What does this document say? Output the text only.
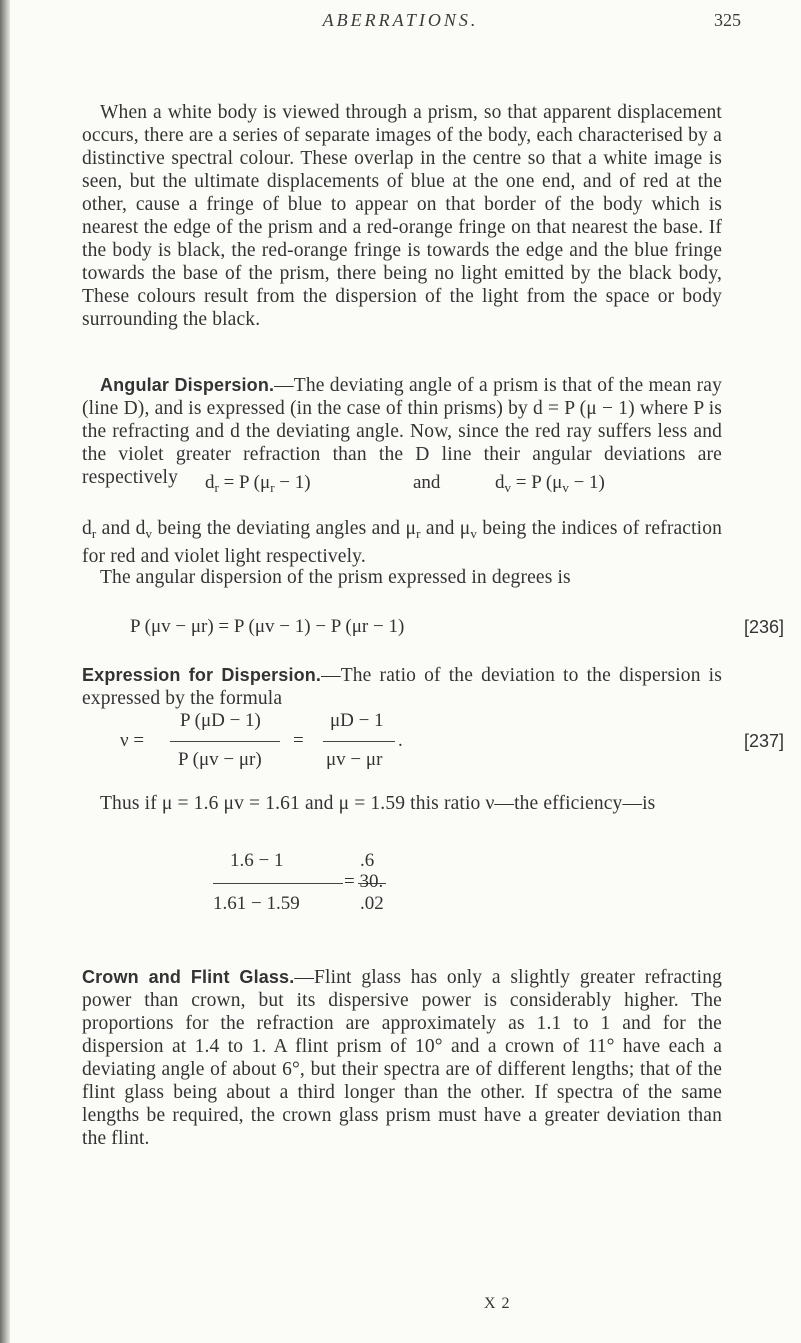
ABERRATIONS.	325

When a white body is viewed through a prism, so that apparent displacement occurs, there are a series of separate images of the body, each characterised by a distinctive spectral colour. These overlap in the centre so that a white image is seen, but the ultimate displacements of blue at the one end, and of red at the other, cause a fringe of blue to appear on that border of the body which is nearest the edge of the prism and a red-orange fringe on that nearest the base. If the body is black, the red-orange fringe is towards the edge and the blue fringe towards the base of the prism, there being no light emitted by the black body, These colours result from the dispersion of the light from the space or body surrounding the black.

Angular Dispersion.—The deviating angle of a prism is that of the mean ray (line D), and is expressed (in the case of thin prisms) by d = P (μ − 1) where P is the refracting and d the deviating angle. Now, since the red ray suffers less and the violet greater refraction than the D line their angular deviations are respectively	$d_r = P$ $(\mu_r - 1)$	and	$d_v = P$ $(\mu_v - 1)$

$d_r$ and $d_v$ being the deviating angles and $\mu_r$ and $\mu_v$ being the indices of refraction for red and violet light respectively.

The angular dispersion of the prism expressed in degrees is

P (μv − μr) = P (μv − 1) − P (μr − 1)	[236]

Expression for Dispersion.—The ratio of the deviation to the dispersion is expressed by the formula

ν =
P (μD − 1)
P (μv − μr)
=
μD − 1
μv − μr
.	[237]

Thus if μ = 1.6 μv = 1.61 and μ = 1.59 this ratio ν—the efficiency—is

1.6 − 1
1.61 − 1.59
.6
.02
= 30.

Crown and Flint Glass.—Flint glass has only a slightly greater refracting power than crown, but its dispersive power is considerably higher. The proportions for the refraction are approximately as 1.1 to 1 and for the dispersion at 1.4 to 1. A flint prism of 10° and a crown of 11° have each a deviating angle of about 6°, but their spectra are of different lengths; that of the flint glass being about a third longer than the other. If spectra of the same lengths be required, the crown glass prism must have a greater deviation than the flint.

X 2
